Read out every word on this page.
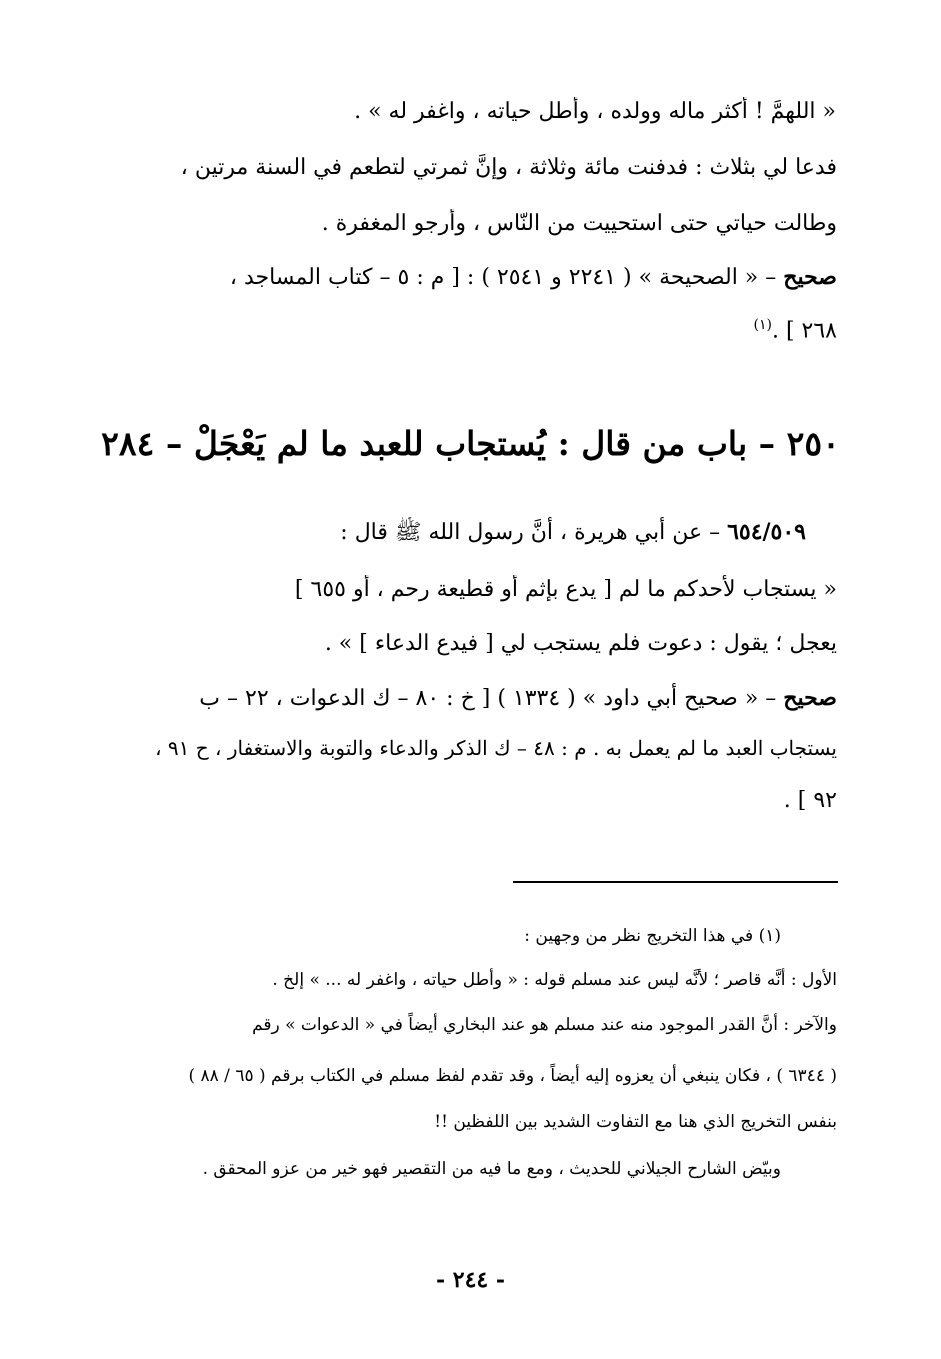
« اللهمَّ ! أكثر ماله وولده ، وأطل حياته ، واغفر له » .
فدعا لي بثلاث : فدفنت مائة وثلاثة ، وإنَّ ثمرتي لتطعم في السنة مرتين ،
وطالت حياتي حتى استحييت من النّاس ، وأرجو المغفرة .
صحيح – « الصحيحة » ( ٢٢٤١ و ٢٥٤١ ) : [ م : ٥ – كتاب المساجد ،
٢٦٨ ] .$^{(١)}$
٢٥٠ – باب من قال : يُستجاب للعبد ما لم يَعْجَلْ – ٢٨٤
٦٥٤/٥٠٩ – عن أبي هريرة ، أنَّ رسول الله ﷺ قال :
« يستجاب لأحدكم ما لم [ يدع بإثم أو قطيعة رحم ، أو ٦٥٥ ]
يعجل ؛ يقول : دعوت فلم يستجب لي [ فيدع الدعاء ] » .
صحيح – « صحيح أبي داود » ( ١٣٣٤ ) [ خ : ٨٠ – ك الدعوات ، ٢٢ – ب
يستجاب العبد ما لم يعمل به . م : ٤٨ – ك الذكر والدعاء والتوبة والاستغفار ، ح ٩١ ،
٩٢ ] .
(١) في هذا التخريج نظر من وجهين :
الأول : أنَّه قاصر ؛ لأنَّه ليس عند مسلم قوله : « وأطل حياته ، واغفر له ... » إلخ .
والآخر : أنَّ القدر الموجود منه عند مسلم هو عند البخاري أيضاً في « الدعوات » رقم
( ٦٣٤٤ ) ، فكان ينبغي أن يعزوه إليه أيضاً ، وقد تقدم لفظ مسلم في الكتاب برقم ( ٦٥ / ٨٨ )
بنفس التخريج الذي هنا مع التفاوت الشديد بين اللفظين !!
وبيّض الشارح الجيلاني للحديث ، ومع ما فيه من التقصير فهو خير من عزو المحقق .
- ٢٤٤ -
